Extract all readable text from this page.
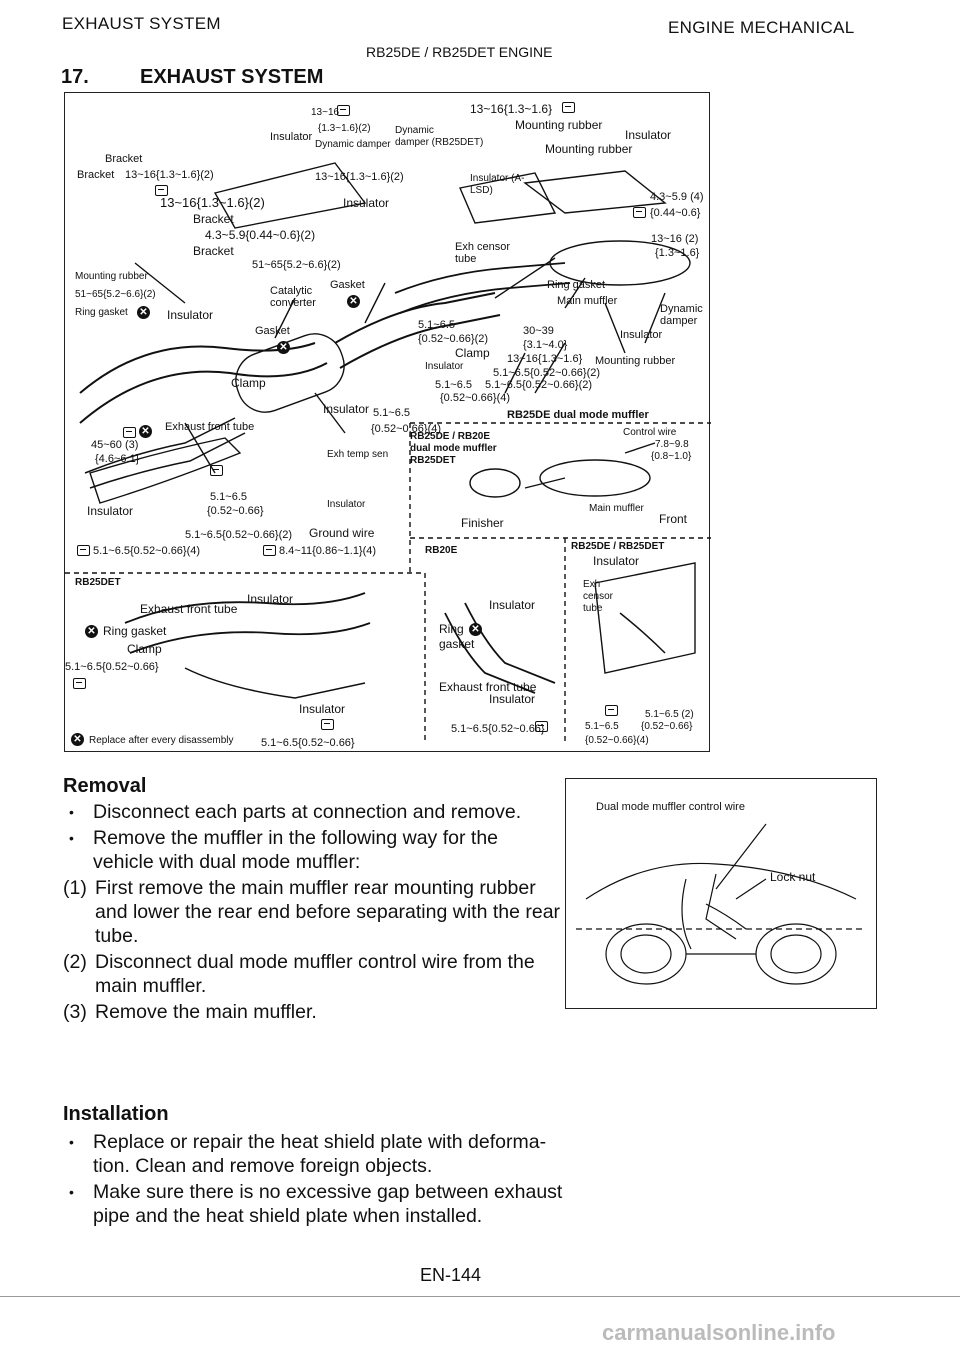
EXHAUST SYSTEM	ENGINE MECHANICAL
RB25DE / RB25DET ENGINE
17.	EXHAUST SYSTEM
Insulator
Bracket
Bracket 13~16{1.3~1.6}(2)	13~16{1.3~1.6}(2)
13~16{1.3~1.6}(2)
Bracket
4.3~5.9{0.44~0.6}(2)
Bracket
Mounting rubber
51~65{5.2~6.6}(2)
51~65{5.2~6.6}(2)
Ring gasket ✕ Insulator
13~16
{1.3~1.6}(2)
Dynamic damper
13~16{1.3~1.6}
Dynamic
damper (RB25DET)
Mounting rubber
Insulator
Mounting rubber
Insulator
Insulator (A-LSD)
4.3~5.9 (4)
{0.44~0.6}
Exh censor tube
13~16 (2)
{1.3~1.6}
Catalytic converter
Gasket
✕
Gasket
✕
Ring gasket
Main muffler
Dynamic damper
Insulator
5.1~6.5
{0.52~0.66}(2)
30~39
{3.1~4.0}
Clamp 13~16{1.3~1.6} Mounting rubber
Insulator
5.1~6.5{0.52~0.66}(2)
5.1~6.5 5.1~6.5{0.52~0.66}(2)
{0.52~0.66}(4)
Clamp
Insulator 5.1~6.5
{0.52~0.66}(4)
Exhaust front tube
✕
45~60 (3)
{4.6~6.1}
RB25DE / RB20E
dual mode muffler
RB25DET
Exh temp sen
RB25DE dual mode muffler
Control wire
7.8~9.8
{0.8~1.0}
Insulator
5.1~6.5
{0.52~0.66}
Insulator
Ground wire
5.1~6.5{0.52~0.66}(2)
Finisher
Main muffler
Front
5.1~6.5{0.52~0.66}(4)	8.4~11{0.86~1.1}(4)	RB20E	RB25DE / RB25DET
Insulator
RB25DET
Insulator
Exhaust front tube
✕ Ring gasket
Clamp
5.1~6.5{0.52~0.66}
Ring ✕
gasket
Insulator
Exh censor tube
Insulator
Exhaust front tube
Insulator
5.1~6.5{0.52~0.66}
5.1~6.5{0.52~0.66}
5.1~6.5 (2)
5.1~6.5 {0.52~0.66}
{0.52~0.66}(4)
✕ Replace after every disassembly
Removal
• Disconnect each parts at connection and remove.
• Remove the muffler in the following way for the vehicle with dual mode muffler:
(1) First remove the main muffler rear mounting rubber and lower the rear end before separating with the rear tube.
(2) Disconnect dual mode muffler control wire from the main muffler.
(3) Remove the main muffler.
Dual mode muffler control wire
Lock nut
Installation
• Replace or repair the heat shield plate with deforma-tion. Clean and remove foreign objects.
• Make sure there is no excessive gap between exhaust pipe and the heat shield plate when installed.
EN-144
carmanualsonline.info
